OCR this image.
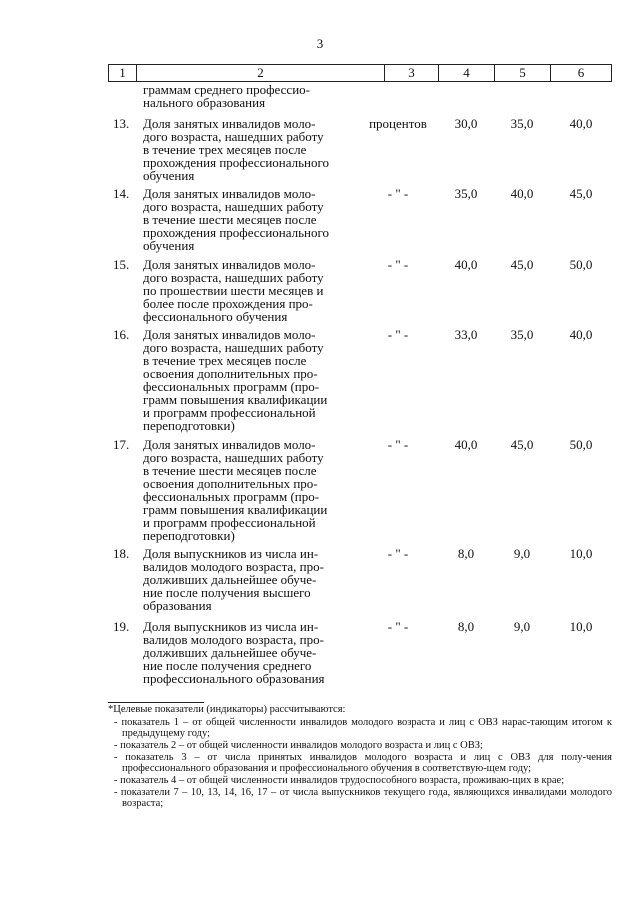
3
1	2	3	4	5	6
граммам среднего профессио-
нального образования
13.	Доля занятых инвалидов моло-
дого возраста, нашедших работу
в течение трех месяцев после
прохождения профессионального
обучения
процентов	30,0	35,0	40,0
14.	Доля занятых инвалидов моло-
дого возраста, нашедших работу
в течение шести месяцев после
прохождения профессионального
обучения
- " -	35,0	40,0	45,0
15.	Доля занятых инвалидов моло-
дого возраста, нашедших работу
по прошествии шести месяцев и
более после прохождения про-
фессионального обучения
- " -	40,0	45,0	50,0
16.	Доля занятых инвалидов моло-
дого возраста, нашедших работу
в течение трех месяцев после
освоения дополнительных про-
фессиональных программ (про-
грамм повышения квалификации
и программ профессиональной
переподготовки)
- " -	33,0	35,0	40,0
17.	Доля занятых инвалидов моло-
дого возраста, нашедших работу
в течение шести месяцев после
освоения дополнительных про-
фессиональных программ (про-
грамм повышения квалификации
и программ профессиональной
переподготовки)
- " -	40,0	45,0	50,0
18.	Доля выпускников из числа ин-
валидов молодого возраста, про-
долживших дальнейшее обуче-
ние после получения высшего
образования
- " -	8,0	9,0	10,0
19.	Доля выпускников из числа ин-
валидов молодого возраста, про-
долживших дальнейшее обуче-
ние после получения среднего
профессионального образования
- " -	8,0	9,0	10,0
*Целевые показатели (индикаторы) рассчитываются:
- показатель 1 – от общей численности инвалидов молодого возраста и лиц с ОВЗ нарас-тающим итогом к предыдущему году;
- показатель 2 – от общей численности инвалидов молодого возраста и лиц с ОВЗ;
- показатель 3 – от числа принятых инвалидов молодого возраста и лиц с ОВЗ для полу-чения профессионального образования и профессионального обучения в соответствую-щем году;
- показатель 4 – от общей численности инвалидов трудоспособного возраста, проживаю-щих в крае;
- показатели 7 – 10, 13, 14, 16, 17 – от числа выпускников текущего года, являющихся инвалидами молодого возраста;
